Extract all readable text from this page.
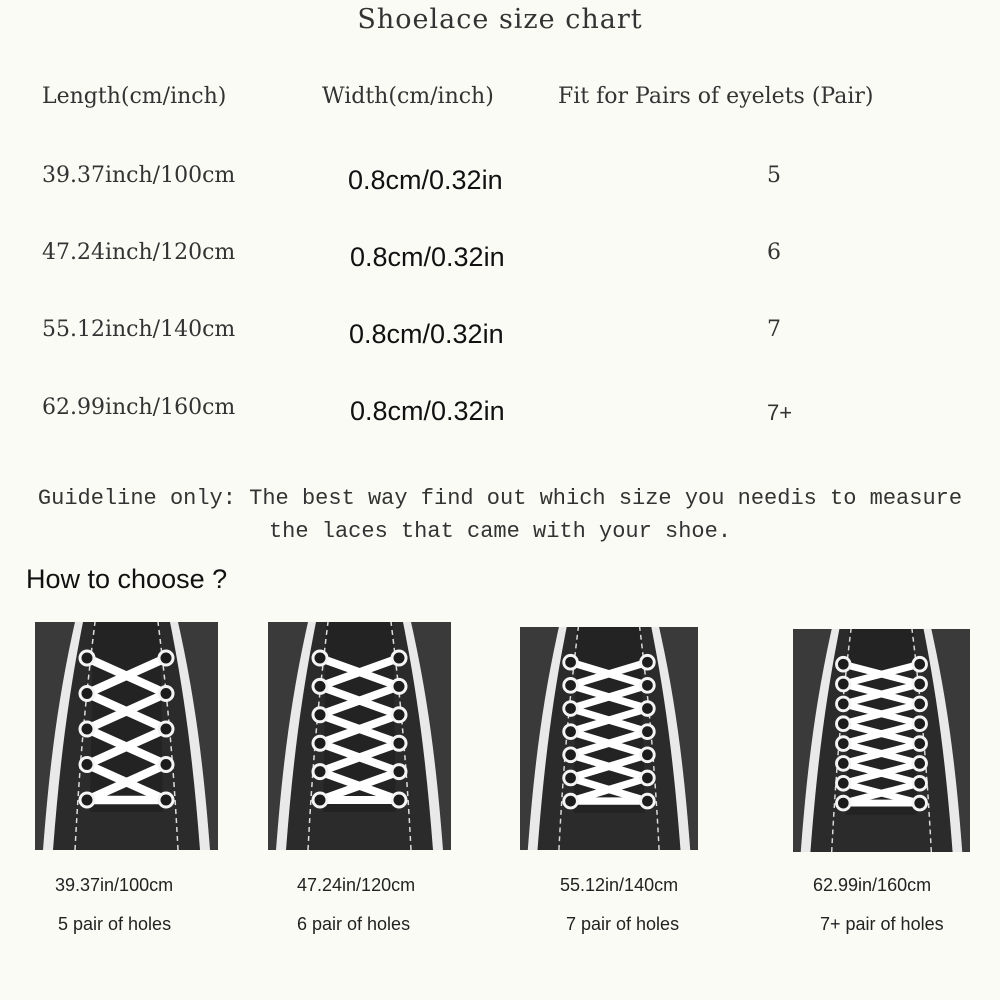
Shoelace size chart
Length(cm/inch)	Width(cm/inch)	Fit for Pairs of eyelets (Pair)
39.37inch/100cm	0.8cm/0.32in	5
47.24inch/120cm	0.8cm/0.32in	6
55.12inch/140cm	0.8cm/0.32in	7
62.99inch/160cm	0.8cm/0.32in	7+
Guideline only: The best way find out which size you needis to measure
the laces that came with your shoe.
How to choose ?
39.37in/100cm
5 pair of holes
47.24in/120cm
6 pair of holes
55.12in/140cm
7 pair of holes
62.99in/160cm
7+ pair of holes
